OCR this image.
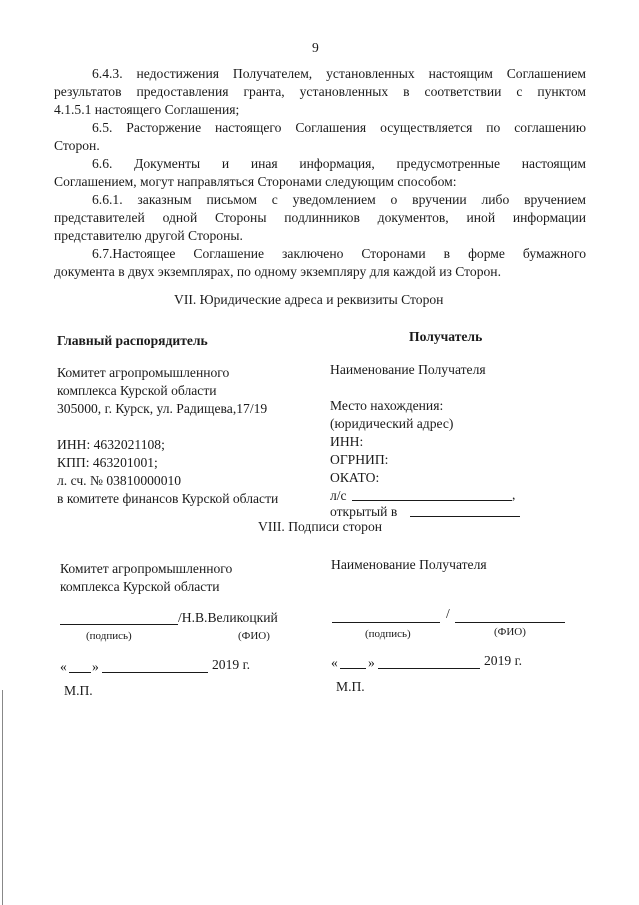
9
6.4.3. недостижения Получателем, установленных настоящим Соглашением
результатов предоставления гранта, установленных в соответствии с пунктом
4.1.5.1 настоящего Соглашения;
6.5. Расторжение настоящего Соглашения осуществляется по соглашению
Сторон.
6.6. Документы и иная информация, предусмотренные настоящим
Соглашением, могут направляться Сторонами следующим способом:
6.6.1. заказным письмом с уведомлением о вручении либо вручением
представителей одной Стороны подлинников документов, иной информации
представителю другой Стороны.
6.7.Настоящее Соглашение заключено Сторонами в форме бумажного
документа в двух экземплярах, по одному экземпляру для каждой из Сторон.
VII. Юридические адреса и реквизиты Сторон
Главный распорядитель	Получатель
Комитет агропромышленного
комплекса Курской области
305000, г. Курск, ул. Радищева,17/19
ИНН: 4632021108;
КПП: 463201001;
л. сч. № 03810000010
в комитете финансов Курской области
Наименование Получателя
Место нахождения:
(юридический адрес)
ИНН:
ОГРНИП:
ОКАТО:
л/с	,
открытый в
VIII. Подписи сторон
Комитет агропромышленного
комплекса Курской области
/Н.В.Великоцкий
(подпись)	(ФИО)
« »	2019 г.
М.П.
Наименование Получателя
/
(подпись)	(ФИО)
« »	2019 г.
М.П.
